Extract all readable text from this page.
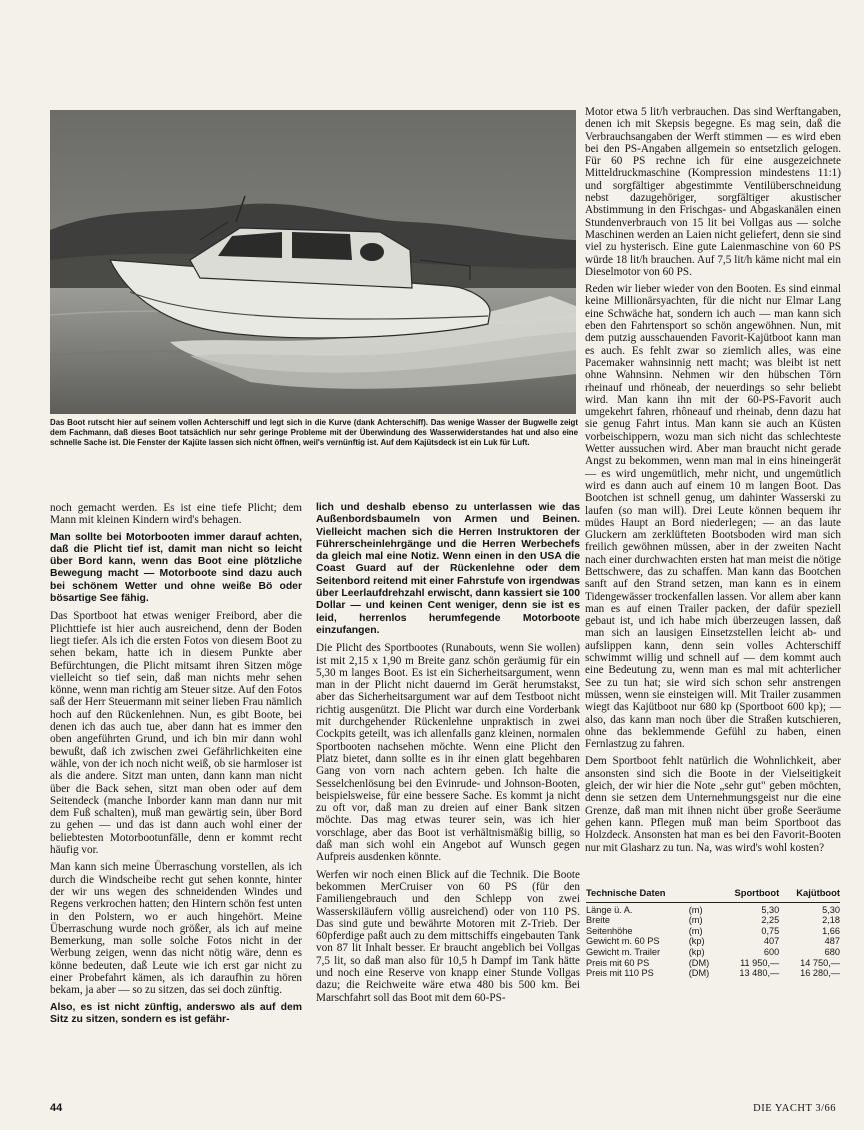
Das Boot rutscht hier auf seinem vollen Achterschiff und legt sich in die Kurve (dank Achterschiff). Das wenige Wasser der Bugwelle zeigt dem Fachmann, daß dieses Boot tatsächlich nur sehr geringe Probleme mit der Überwindung des Wasserwiderstandes hat und also eine schnelle Sache ist. Die Fenster der Kajüte lassen sich nicht öffnen, weil's vernünftig ist. Auf dem Kajütsdeck ist ein Luk für Luft.

noch gemacht werden. Es ist eine tiefe Plicht; dem Mann mit kleinen Kindern wird's behagen.

Man sollte bei Motorbooten immer darauf achten, daß die Plicht tief ist, damit man nicht so leicht über Bord kann, wenn das Boot eine plötzliche Bewegung macht — Motorboote sind dazu auch bei schönem Wetter und ohne weiße Bö oder bösartige See fähig.

Das Sportboot hat etwas weniger Freibord, aber die Plichttiefe ist hier auch ausreichend, denn der Boden liegt tiefer. Als ich die ersten Fotos von diesem Boot zu sehen bekam, hatte ich in diesem Punkte aber Befürchtungen, die Plicht mitsamt ihren Sitzen möge vielleicht so tief sein, daß man nichts mehr sehen könne, wenn man richtig am Steuer sitze. Auf den Fotos saß der Herr Steuermann mit seiner lieben Frau nämlich hoch auf den Rückenlehnen. Nun, es gibt Boote, bei denen ich das auch tue, aber dann hat es immer den oben angeführten Grund, und ich bin mir dann wohl bewußt, daß ich zwischen zwei Gefährlichkeiten eine wähle, von der ich noch nicht weiß, ob sie harmloser ist als die andere. Sitzt man unten, dann kann man nicht über die Back sehen, sitzt man oben oder auf dem Seitendeck (manche Inborder kann man dann nur mit dem Fuß schalten), muß man gewärtig sein, über Bord zu gehen — und das ist dann auch wohl einer der beliebtesten Motorbootunfälle, denn er kommt recht häufig vor.

Man kann sich meine Überraschung vorstellen, als ich durch die Windscheibe recht gut sehen konnte, hinter der wir uns wegen des schneidenden Windes und Regens verkrochen hatten; den Hintern schön fest unten in den Polstern, wo er auch hingehört. Meine Überraschung wurde noch größer, als ich auf meine Bemerkung, man solle solche Fotos nicht in der Werbung zeigen, wenn das nicht nötig wäre, denn es könne bedeuten, daß Leute wie ich erst gar nicht zu einer Probefahrt kämen, als ich daraufhin zu hören bekam, ja aber — so zu sitzen, das sei doch zünftig.

Also, es ist nicht zünftig, anderswo als auf dem Sitz zu sitzen, sondern es ist gefähr-

lich und deshalb ebenso zu unterlassen wie das Außenbordsbaumeln von Armen und Beinen. Vielleicht machen sich die Herren Instruktoren der Führerscheinlehrgänge und die Herren Werbechefs da gleich mal eine Notiz. Wenn einen in den USA die Coast Guard auf der Rückenlehne oder dem Seitenbord reitend mit einer Fahrstufe von irgendwas über Leerlaufdrehzahl erwischt, dann kassiert sie 100 Dollar — und keinen Cent weniger, denn sie ist es leid, herrenlos herumfegende Motorboote einzufangen.

Die Plicht des Sportbootes (Runabouts, wenn Sie wollen) ist mit 2,15 x 1,90 m Breite ganz schön geräumig für ein 5,30 m langes Boot. Es ist ein Sicherheitsargument, wenn man in der Plicht nicht dauernd im Gerät herumstakst, aber das Sicherheitsargument war auf dem Testboot nicht richtig ausgenützt. Die Plicht war durch eine Vorderbank mit durchgehender Rückenlehne unpraktisch in zwei Cockpits geteilt, was ich allenfalls ganz kleinen, normalen Sportbooten nachsehen möchte. Wenn eine Plicht den Platz bietet, dann sollte es in ihr einen glatt begehbaren Gang von vorn nach achtern geben. Ich halte die Sesselchenlösung bei den Evinrude- und Johnson-Booten, beispielsweise, für eine bessere Sache. Es kommt ja nicht zu oft vor, daß man zu dreien auf einer Bank sitzen möchte. Das mag etwas teurer sein, was ich hier vorschlage, aber das Boot ist verhältnismäßig billig, so daß man sich wohl ein Angebot auf Wunsch gegen Aufpreis ausdenken könnte.

Werfen wir noch einen Blick auf die Technik. Die Boote bekommen MerCruiser von 60 PS (für den Familiengebrauch und den Schlepp von zwei Wasserskiläufern völlig ausreichend) oder von 110 PS. Das sind gute und bewährte Motoren mit Z-Trieb. Der 60pferdige paßt auch zu dem mittschiffs eingebauten Tank von 87 lit Inhalt besser. Er braucht angeblich bei Vollgas 7,5 lit, so daß man also für 10,5 h Dampf im Tank hätte und noch eine Reserve von knapp einer Stunde Vollgas dazu; die Reichweite wäre etwa 480 bis 500 km. Bei Marschfahrt soll das Boot mit dem 60-PS-

Motor etwa 5 lit/h verbrauchen. Das sind Werftangaben, denen ich mit Skepsis begegne. Es mag sein, daß die Verbrauchsangaben der Werft stimmen — es wird eben bei den PS-Angaben allgemein so entsetzlich gelogen. Für 60 PS rechne ich für eine ausgezeichnete Mitteldruckmaschine (Kompression mindestens 11:1) und sorgfältiger abgestimmte Ventilüberschneidung nebst dazugehöriger, sorgfältiger akustischer Abstimmung in den Frischgas- und Abgaskanälen einen Stundenverbrauch von 15 lit bei Vollgas aus — solche Maschinen werden an Laien nicht geliefert, denn sie sind viel zu hysterisch. Eine gute Laienmaschine von 60 PS würde 18 lit/h brauchen. Auf 7,5 lit/h käme nicht mal ein Dieselmotor von 60 PS.

Reden wir lieber wieder von den Booten. Es sind einmal keine Millionärsyachten, für die nicht nur Elmar Lang eine Schwäche hat, sondern ich auch — man kann sich eben den Fahrtensport so schön angewöhnen. Nun, mit dem putzig ausschauenden Favorit-Kajütboot kann man es auch. Es fehlt zwar so ziemlich alles, was eine Pacemaker wahnsinnig nett macht; was bleibt ist nett ohne Wahnsinn. Nehmen wir den hübschen Törn rheinauf und rhöneab, der neuerdings so sehr beliebt wird. Man kann ihn mit der 60-PS-Favorit auch umgekehrt fahren, rhôneauf und rheinab, denn dazu hat sie genug Fahrt intus. Man kann sie auch an Küsten vorbeischippern, wozu man sich nicht das schlechteste Wetter aussuchen wird. Aber man braucht nicht gerade Angst zu bekommen, wenn man mal in eins hineingerät — es wird ungemütlich, mehr nicht, und ungemütlich wird es dann auch auf einem 10 m langen Boot. Das Bootchen ist schnell genug, um dahinter Wasserski zu laufen (so man will). Drei Leute können bequem ihr müdes Haupt an Bord niederlegen; — an das laute Gluckern am zerklüfteten Bootsboden wird man sich freilich gewöhnen müssen, aber in der zweiten Nacht nach einer durchwachten ersten hat man meist die nötige Bettschwere, das zu schaffen. Man kann das Bootchen sanft auf den Strand setzen, man kann es in einem Tidengewässer trockenfallen lassen. Vor allem aber kann man es auf einen Trailer packen, der dafür speziell gebaut ist, und ich habe mich überzeugen lassen, daß man sich an lausigen Einsetzstellen leicht ab- und aufslippen kann, denn sein volles Achterschiff schwimmt willig und schnell auf — dem kommt auch eine Bedeutung zu, wenn man es mal mit achterlicher See zu tun hat; sie wird sich schon sehr anstrengen müssen, wenn sie einsteigen will. Mit Trailer zusammen wiegt das Kajütboot nur 680 kp (Sportboot 600 kp); — also, das kann man noch über die Straßen kutschieren, ohne das beklemmende Gefühl zu haben, einen Fernlastzug zu fahren.

Dem Sportboot fehlt natürlich die Wohnlichkeit, aber ansonsten sind sich die Boote in der Vielseitigkeit gleich, der wir hier die Note „sehr gut" geben möchten, denn sie setzen dem Unternehmungsgeist nur die eine Grenze, daß man mit ihnen nicht über große Seeräume gehen kann. Pflegen muß man beim Sportboot das Holzdeck. Ansonsten hat man es bei den Favorit-Booten nur mit Glasharz zu tun. Na, was wird's wohl kosten?

Technische Daten		Sportboot	Kajütboot
Länge ü. A.	(m)	5,30	5,30
Breite	(m)	2,25	2,18
Seitenhöhe	(m)	0,75	1,66
Gewicht m. 60 PS	(kp)	407	487
Gewicht m. Trailer	(kp)	600	680
Preis mit 60 PS	(DM)	11 950,—	14 750,—
Preis mit 110 PS	(DM)	13 480,—	16 280,—
44	DIE YACHT 3/66
